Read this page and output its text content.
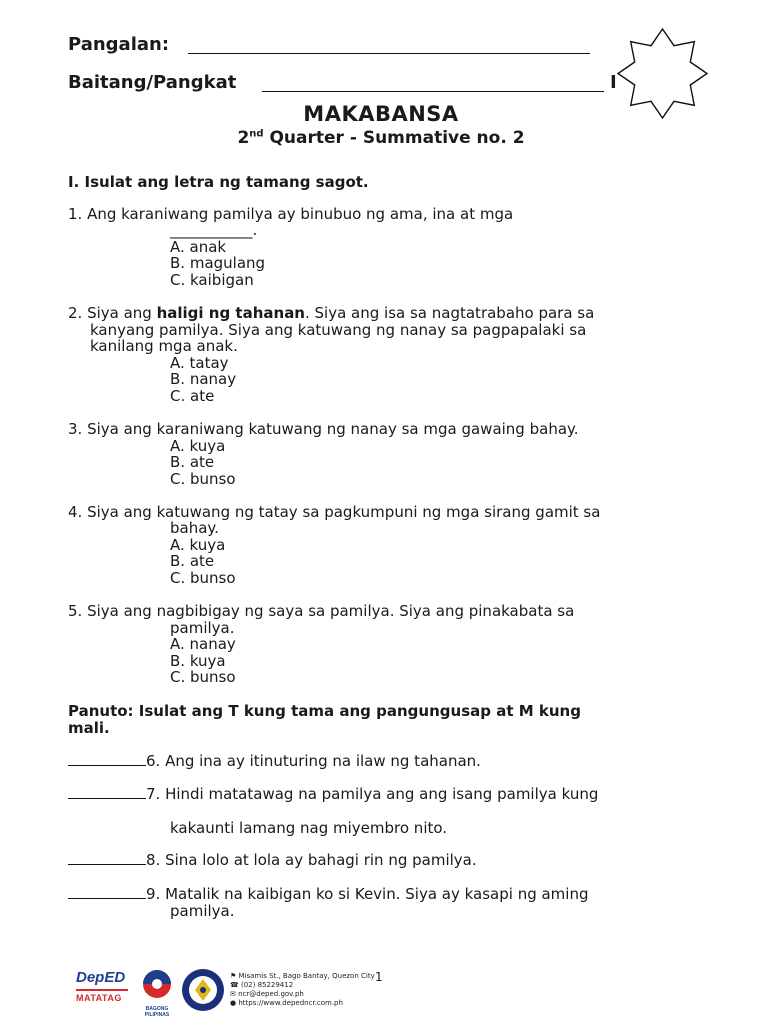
Pangalan:
Baitang/Pangkat	I
MAKABANSA
2nd Quarter - Summative no. 2
I. Isulat ang letra ng tamang sagot.
1. Ang karaniwang pamilya ay binubuo ng ama, ina at mga
___________.
A. anak
B. magulang
C. kaibigan
2. Siya ang haligi ng tahanan. Siya ang isa sa nagtatrabaho para sa
kanyang pamilya. Siya ang katuwang ng nanay sa pagpapalaki sa
kanilang mga anak.
A. tatay
B. nanay
C. ate
3. Siya ang karaniwang katuwang ng nanay sa mga gawaing bahay.
A. kuya
B. ate
C. bunso
4. Siya ang katuwang ng tatay sa pagkumpuni ng mga sirang gamit sa
bahay.
A. kuya
B. ate
C. bunso
5. Siya ang nagbibigay ng saya sa pamilya. Siya ang pinakabata sa
pamilya.
A. nanay
B. kuya
C. bunso
Panuto: Isulat ang T kung tama ang pangungusap at M kung
mali.
6. Ang ina ay itinuturing na ilaw ng tahanan.
7. Hindi matatawag na pamilya ang ang isang pamilya kung
kakaunti lamang nag miyembro nito.
8. Sina lolo at lola ay bahagi rin ng pamilya.
9. Matalik na kaibigan ko si Kevin. Siya ay kasapi ng aming
pamilya.
DepED
MATATAG
BAGONG PILIPINAS
⚑ Misamis St., Bago Bantay, Quezon City
☎ (02) 85229412
✉ ncr@deped.gov.ph
● https://www.depedncr.com.ph
1
